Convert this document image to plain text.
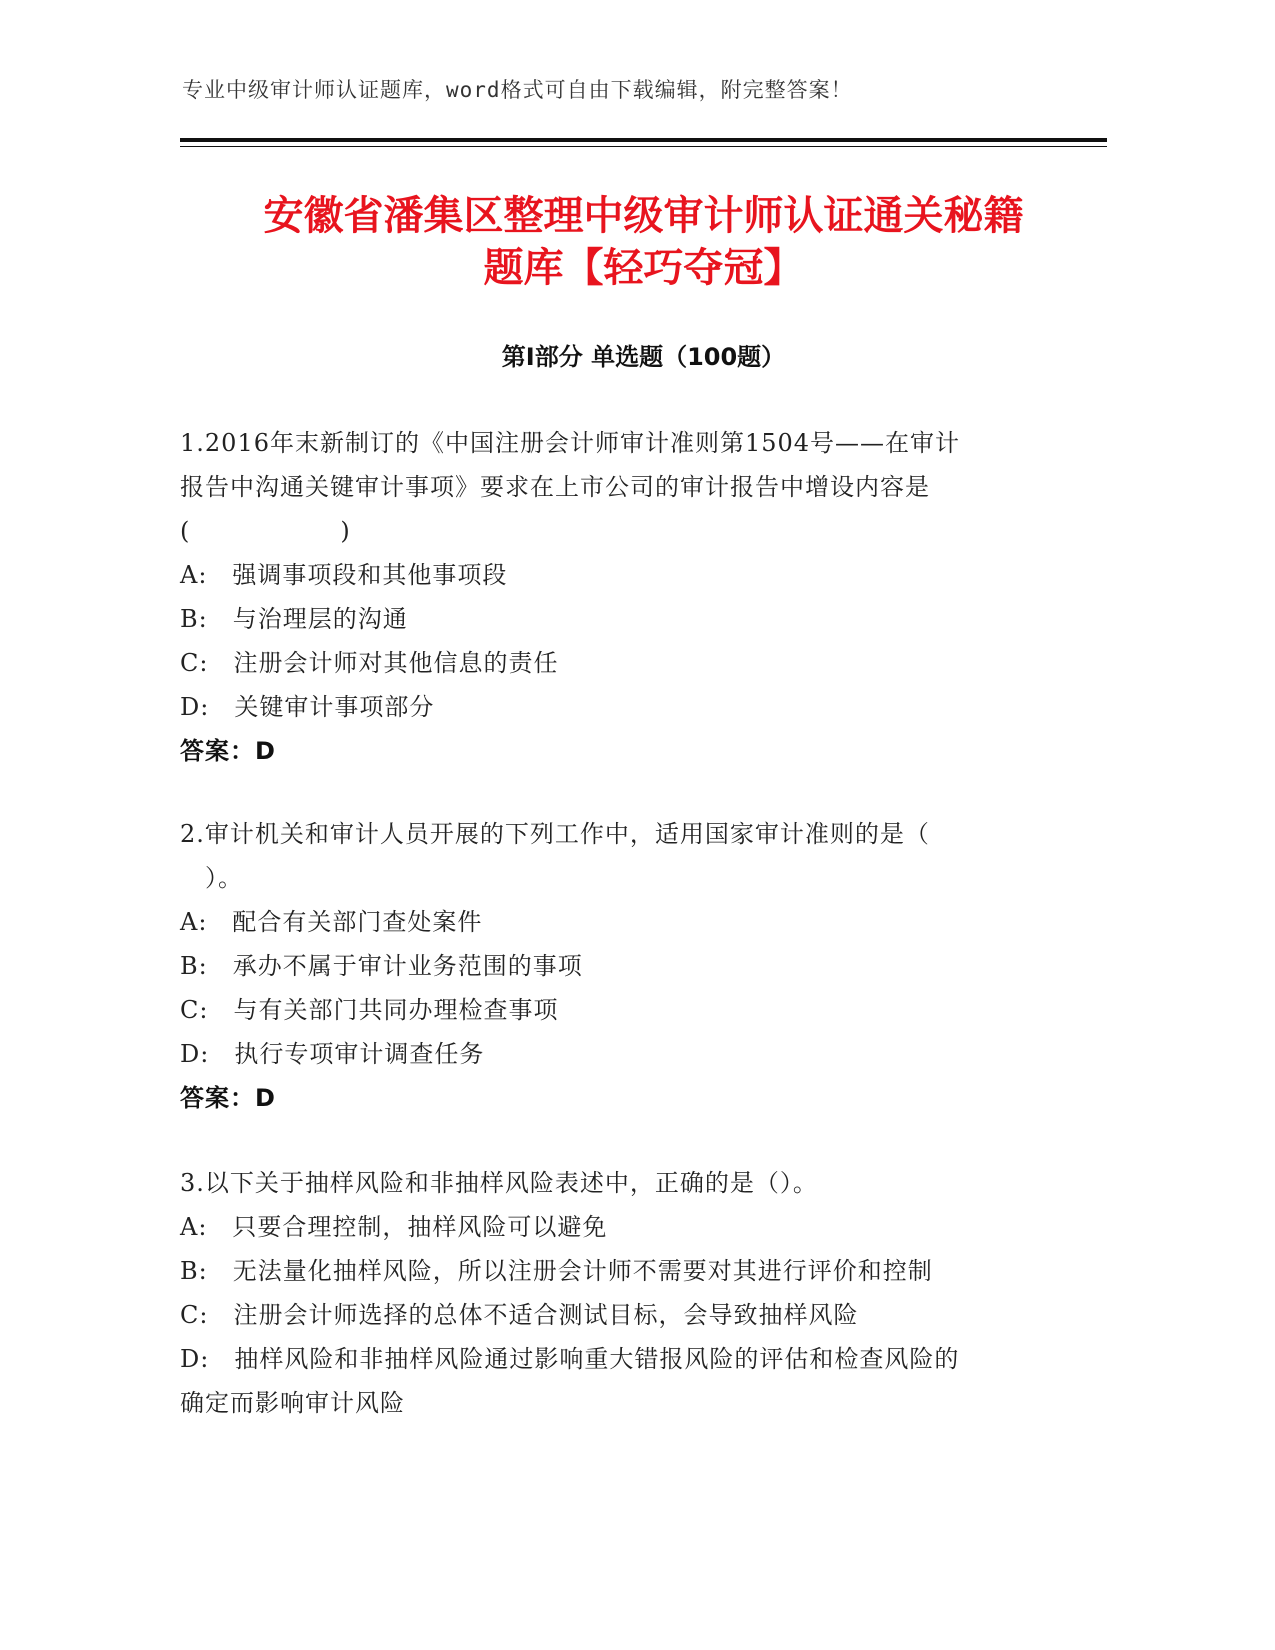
专业中级审计师认证题库，word格式可自由下载编辑，附完整答案！
安徽省潘集区整理中级审计师认证通关秘籍
题库【轻巧夺冠】
第Ⅰ部分 单选题（100题）
1.2016年末新制订的《中国注册会计师审计准则第1504号——在审计
报告中沟通关键审计事项》要求在上市公司的审计报告中增设内容是
(　　　　　　)
A:　强调事项段和其他事项段
B:　与治理层的沟通
C:　注册会计师对其他信息的责任
D:　关键审计事项部分
答案：D
2.审计机关和审计人员开展的下列工作中，适用国家审计准则的是（
　）。
A:　配合有关部门查处案件
B:　承办不属于审计业务范围的事项
C:　与有关部门共同办理检查事项
D:　执行专项审计调查任务
答案：D
3.以下关于抽样风险和非抽样风险表述中，正确的是（）。
A:　只要合理控制，抽样风险可以避免
B:　无法量化抽样风险，所以注册会计师不需要对其进行评价和控制
C:　注册会计师选择的总体不适合测试目标，会导致抽样风险
D:　抽样风险和非抽样风险通过影响重大错报风险的评估和检查风险的
确定而影响审计风险
